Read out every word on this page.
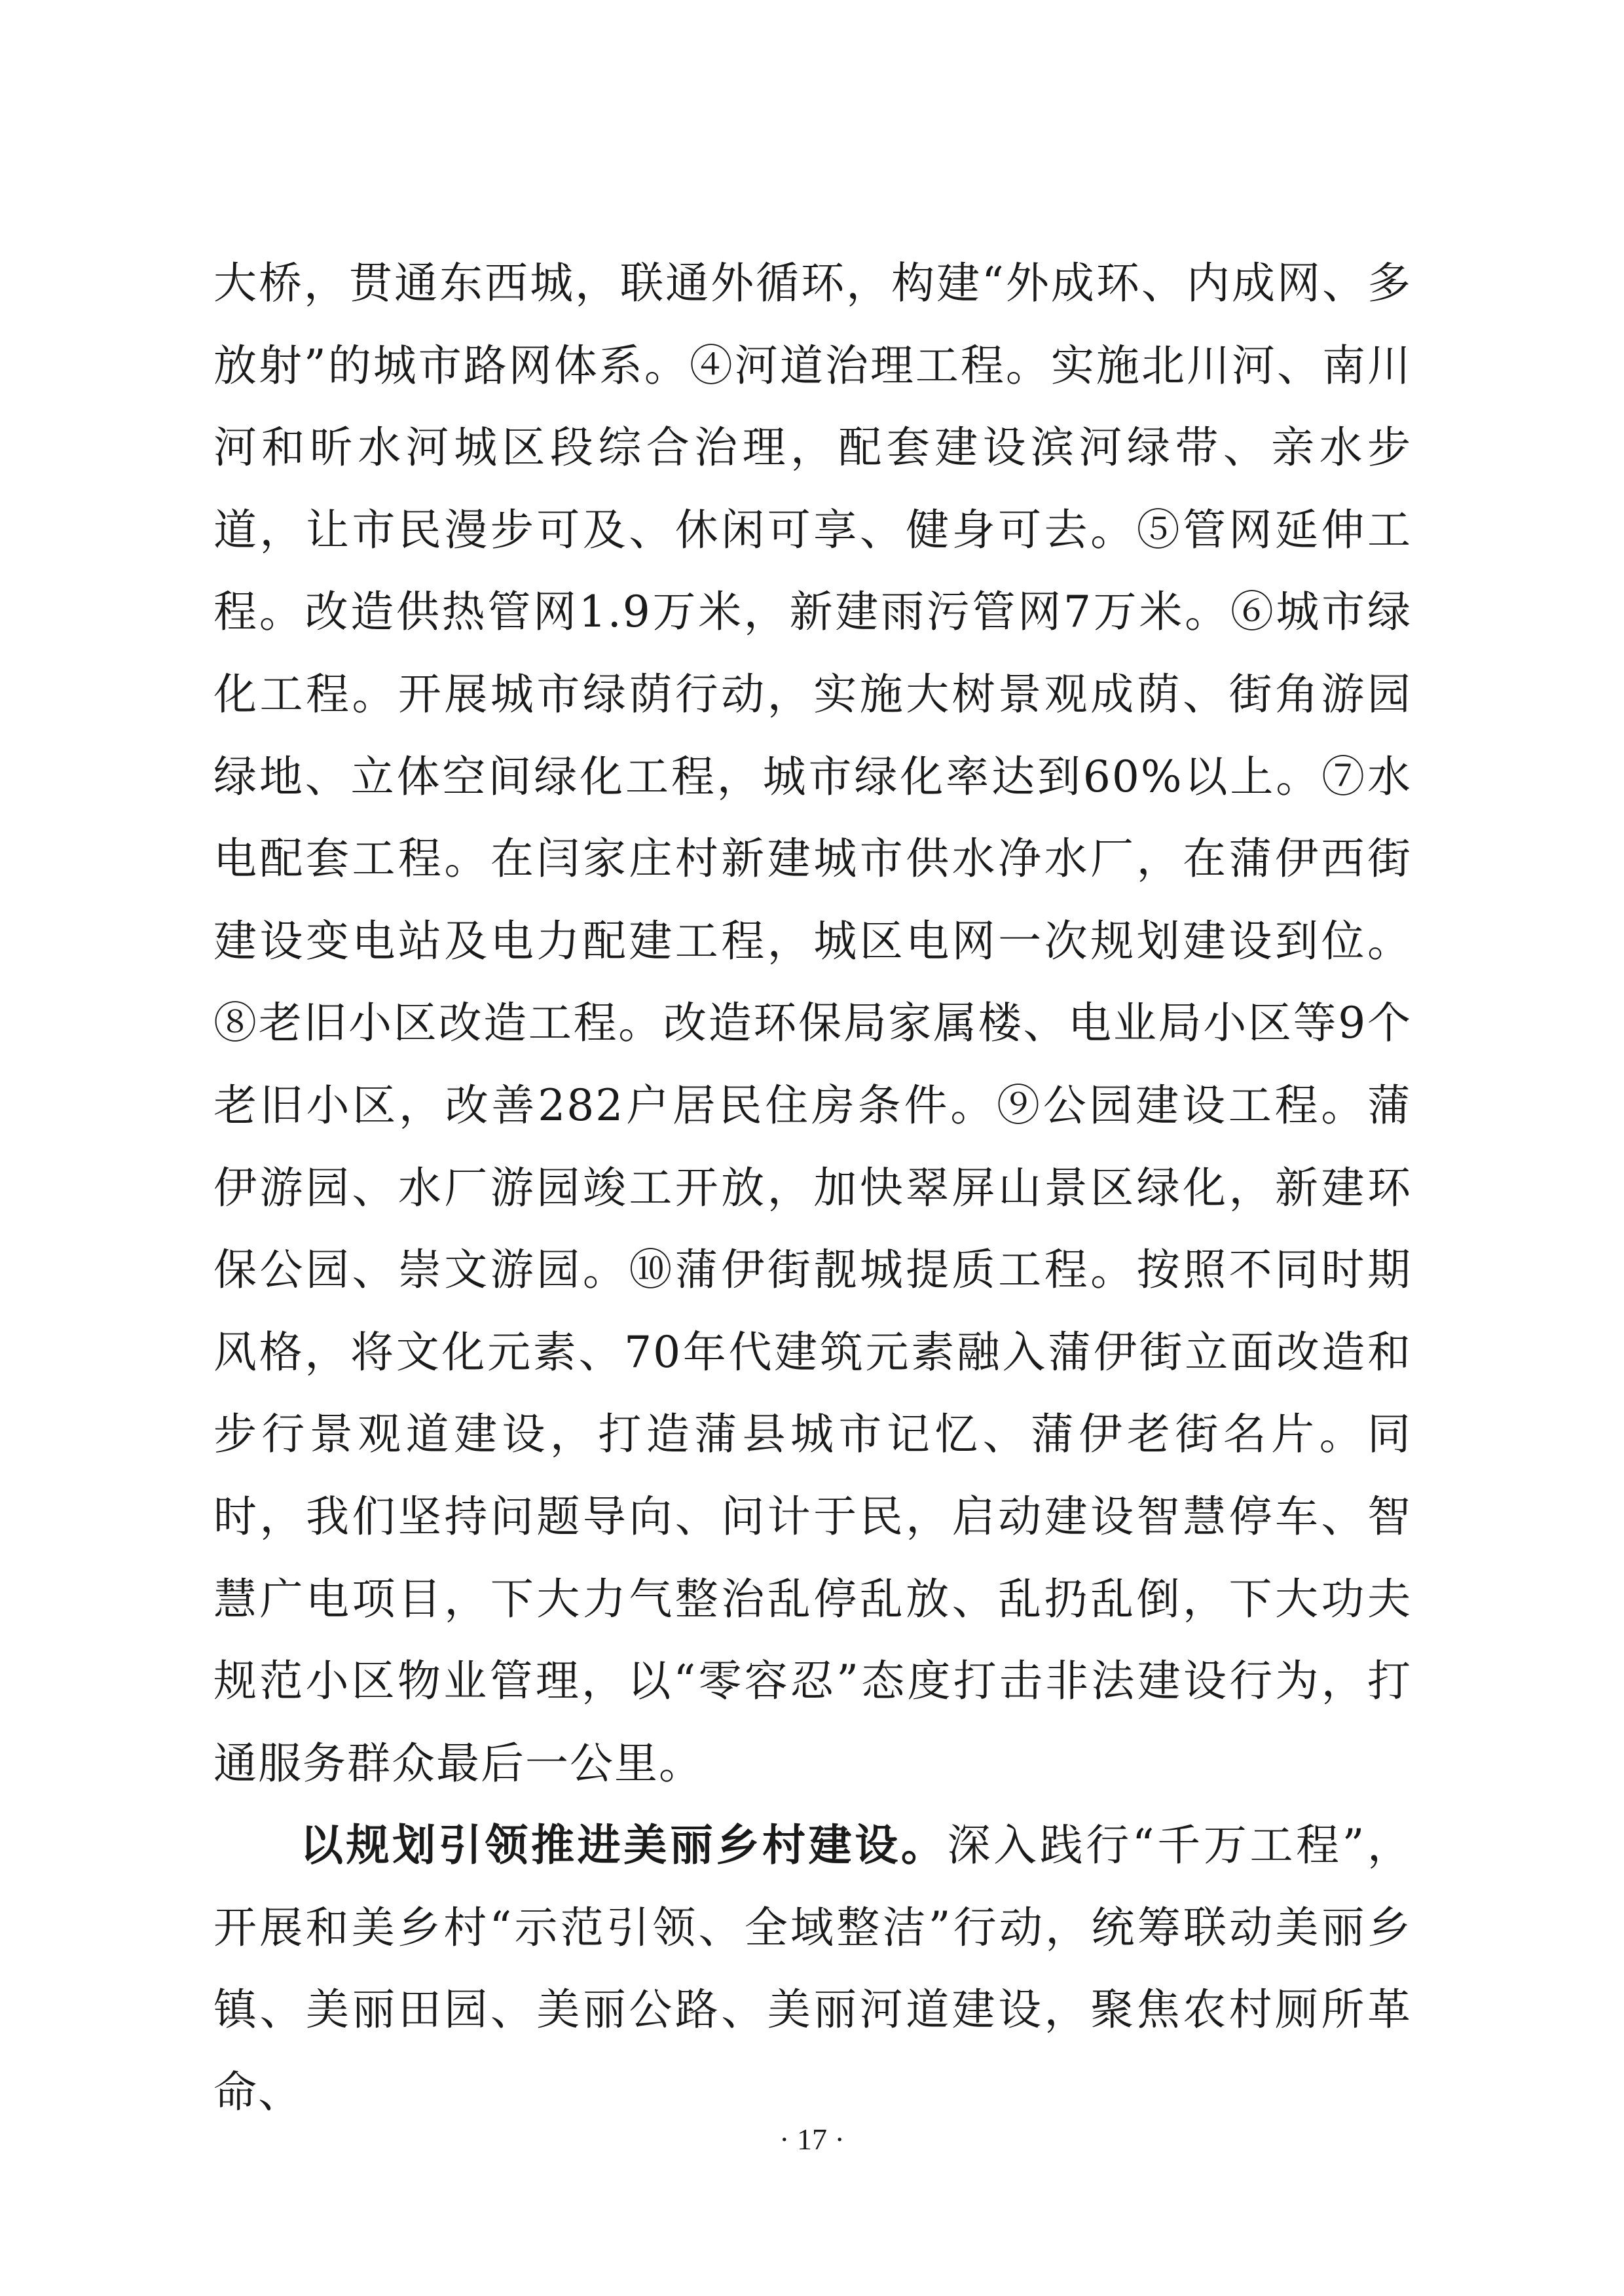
大桥，贯通东西城，联通外循环，构建“外成环、内成网、多放射”的城市路网体系。④河道治理工程。实施北川河、南川河和昕水河城区段综合治理，配套建设滨河绿带、亲水步道，让市民漫步可及、休闲可享、健身可去。⑤管网延伸工程。改造供热管网1.9万米，新建雨污管网7万米。⑥城市绿化工程。开展城市绿荫行动，实施大树景观成荫、街角游园绿地、立体空间绿化工程，城市绿化率达到60%以上。⑦水电配套工程。在闫家庄村新建城市供水净水厂，在蒲伊西街建设变电站及电力配建工程，城区电网一次规划建设到位。⑧老旧小区改造工程。改造环保局家属楼、电业局小区等9个老旧小区，改善282户居民住房条件。⑨公园建设工程。蒲伊游园、水厂游园竣工开放，加快翠屏山景区绿化，新建环保公园、崇文游园。⑩蒲伊街靓城提质工程。按照不同时期风格，将文化元素、70年代建筑元素融入蒲伊街立面改造和步行景观道建设，打造蒲县城市记忆、蒲伊老街名片。同时，我们坚持问题导向、问计于民，启动建设智慧停车、智慧广电项目，下大力气整治乱停乱放、乱扔乱倒，下大功夫规范小区物业管理，以“零容忍”态度打击非法建设行为，打通服务群众最后一公里。

以规划引领推进美丽乡村建设。深入践行“千万工程”，开展和美乡村“示范引领、全域整洁”行动，统筹联动美丽乡镇、美丽田园、美丽公路、美丽河道建设，聚焦农村厕所革命、

· 17 ·
